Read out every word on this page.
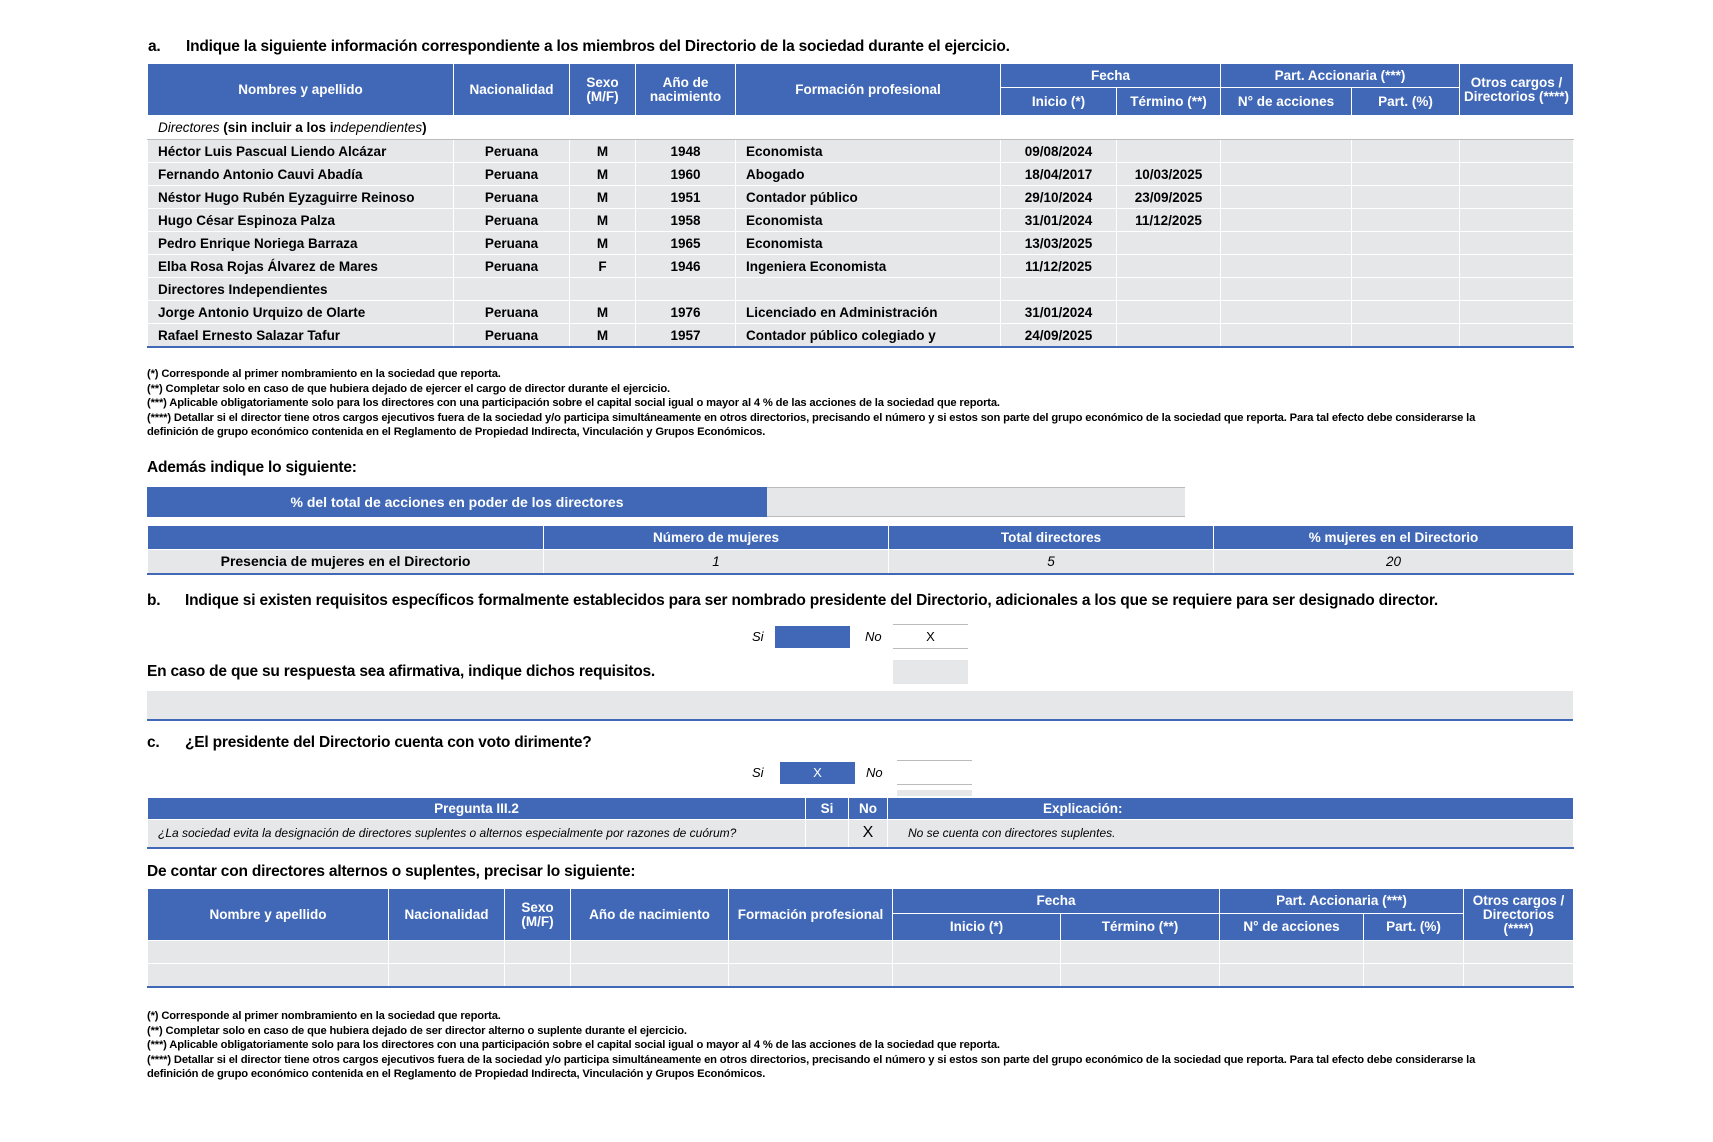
a. Indique la siguiente información correspondiente a los miembros del Directorio de la sociedad durante el ejercicio.
Nombres y apellido	Nacionalidad	Sexo (M/F)	Año de nacimiento	Formación profesional	Fecha		Part. Accionaria (***)		Otros cargos / Directorios (****)
					Inicio (*)	Término (**)	N° de acciones	Part. (%)	
Directores (sin incluir a los independientes)									
Héctor Luis Pascual Liendo Alcázar	Peruana	M	1948	Economista	09/08/2024				
Fernando Antonio Cauvi Abadía	Peruana	M	1960	Abogado	18/04/2017	10/03/2025			
Néstor Hugo Rubén Eyzaguirre Reinoso	Peruana	M	1951	Contador público	29/10/2024	23/09/2025			
Hugo César Espinoza Palza	Peruana	M	1958	Economista	31/01/2024	11/12/2025			
Pedro Enrique Noriega Barraza	Peruana	M	1965	Economista	13/03/2025				
Elba Rosa Rojas Álvarez de Mares	Peruana	F	1946	Ingeniera Economista	11/12/2025				
Directores Independientes									
Jorge Antonio Urquizo de Olarte	Peruana	M	1976	Licenciado en Administración	31/01/2024				
Rafael Ernesto Salazar Tafur	Peruana	M	1957	Contador público colegiado y	24/09/2025				
(*) Corresponde al primer nombramiento en la sociedad que reporta.
(**) Completar solo en caso de que hubiera dejado de ejercer el cargo de director durante el ejercicio.
(***) Aplicable obligatoriamente solo para los directores con una participación sobre el capital social igual o mayor al 4 % de las acciones de la sociedad que reporta.
(****) Detallar si el director tiene otros cargos ejecutivos fuera de la sociedad y/o participa simultáneamente en otros directorios, precisando el número y si estos son parte del grupo económico de la sociedad que reporta. Para tal efecto debe considerarse la
definición de grupo económico contenida en el Reglamento de Propiedad Indirecta, Vinculación y Grupos Económicos.
Además indique lo siguiente:
% del total de acciones en poder de los directores
	Número de mujeres	Total directores	% mujeres en el Directorio
Presencia de mujeres en el Directorio	1	5	20
b. Indique si existen requisitos específicos formalmente establecidos para ser nombrado presidente del Directorio, adicionales a los que se requiere para ser designado director.
Si	No	X
En caso de que su respuesta sea afirmativa, indique dichos requisitos.
c. ¿El presidente del Directorio cuenta con voto dirimente?
Si	X	No
Pregunta III.2	Si	No	Explicación:
¿La sociedad evita la designación de directores suplentes o alternos especialmente por razones de cuórum?		X	No se cuenta con directores suplentes.
De contar con directores alternos o suplentes, precisar lo siguiente:
Nombre y apellido	Nacionalidad	Sexo (M/F)	Año de nacimiento	Formación profesional	Fecha		Part. Accionaria (***)		Otros cargos / Directorios (****)
					Inicio (*)	Término (**)	N° de acciones	Part. (%)	

(*) Corresponde al primer nombramiento en la sociedad que reporta.
(**) Completar solo en caso de que hubiera dejado de ser director alterno o suplente durante el ejercicio.
(***) Aplicable obligatoriamente solo para los directores con una participación sobre el capital social igual o mayor al 4 % de las acciones de la sociedad que reporta.
(****) Detallar si el director tiene otros cargos ejecutivos fuera de la sociedad y/o participa simultáneamente en otros directorios, precisando el número y si estos son parte del grupo económico de la sociedad que reporta. Para tal efecto debe considerarse la
definición de grupo económico contenida en el Reglamento de Propiedad Indirecta, Vinculación y Grupos Económicos.
